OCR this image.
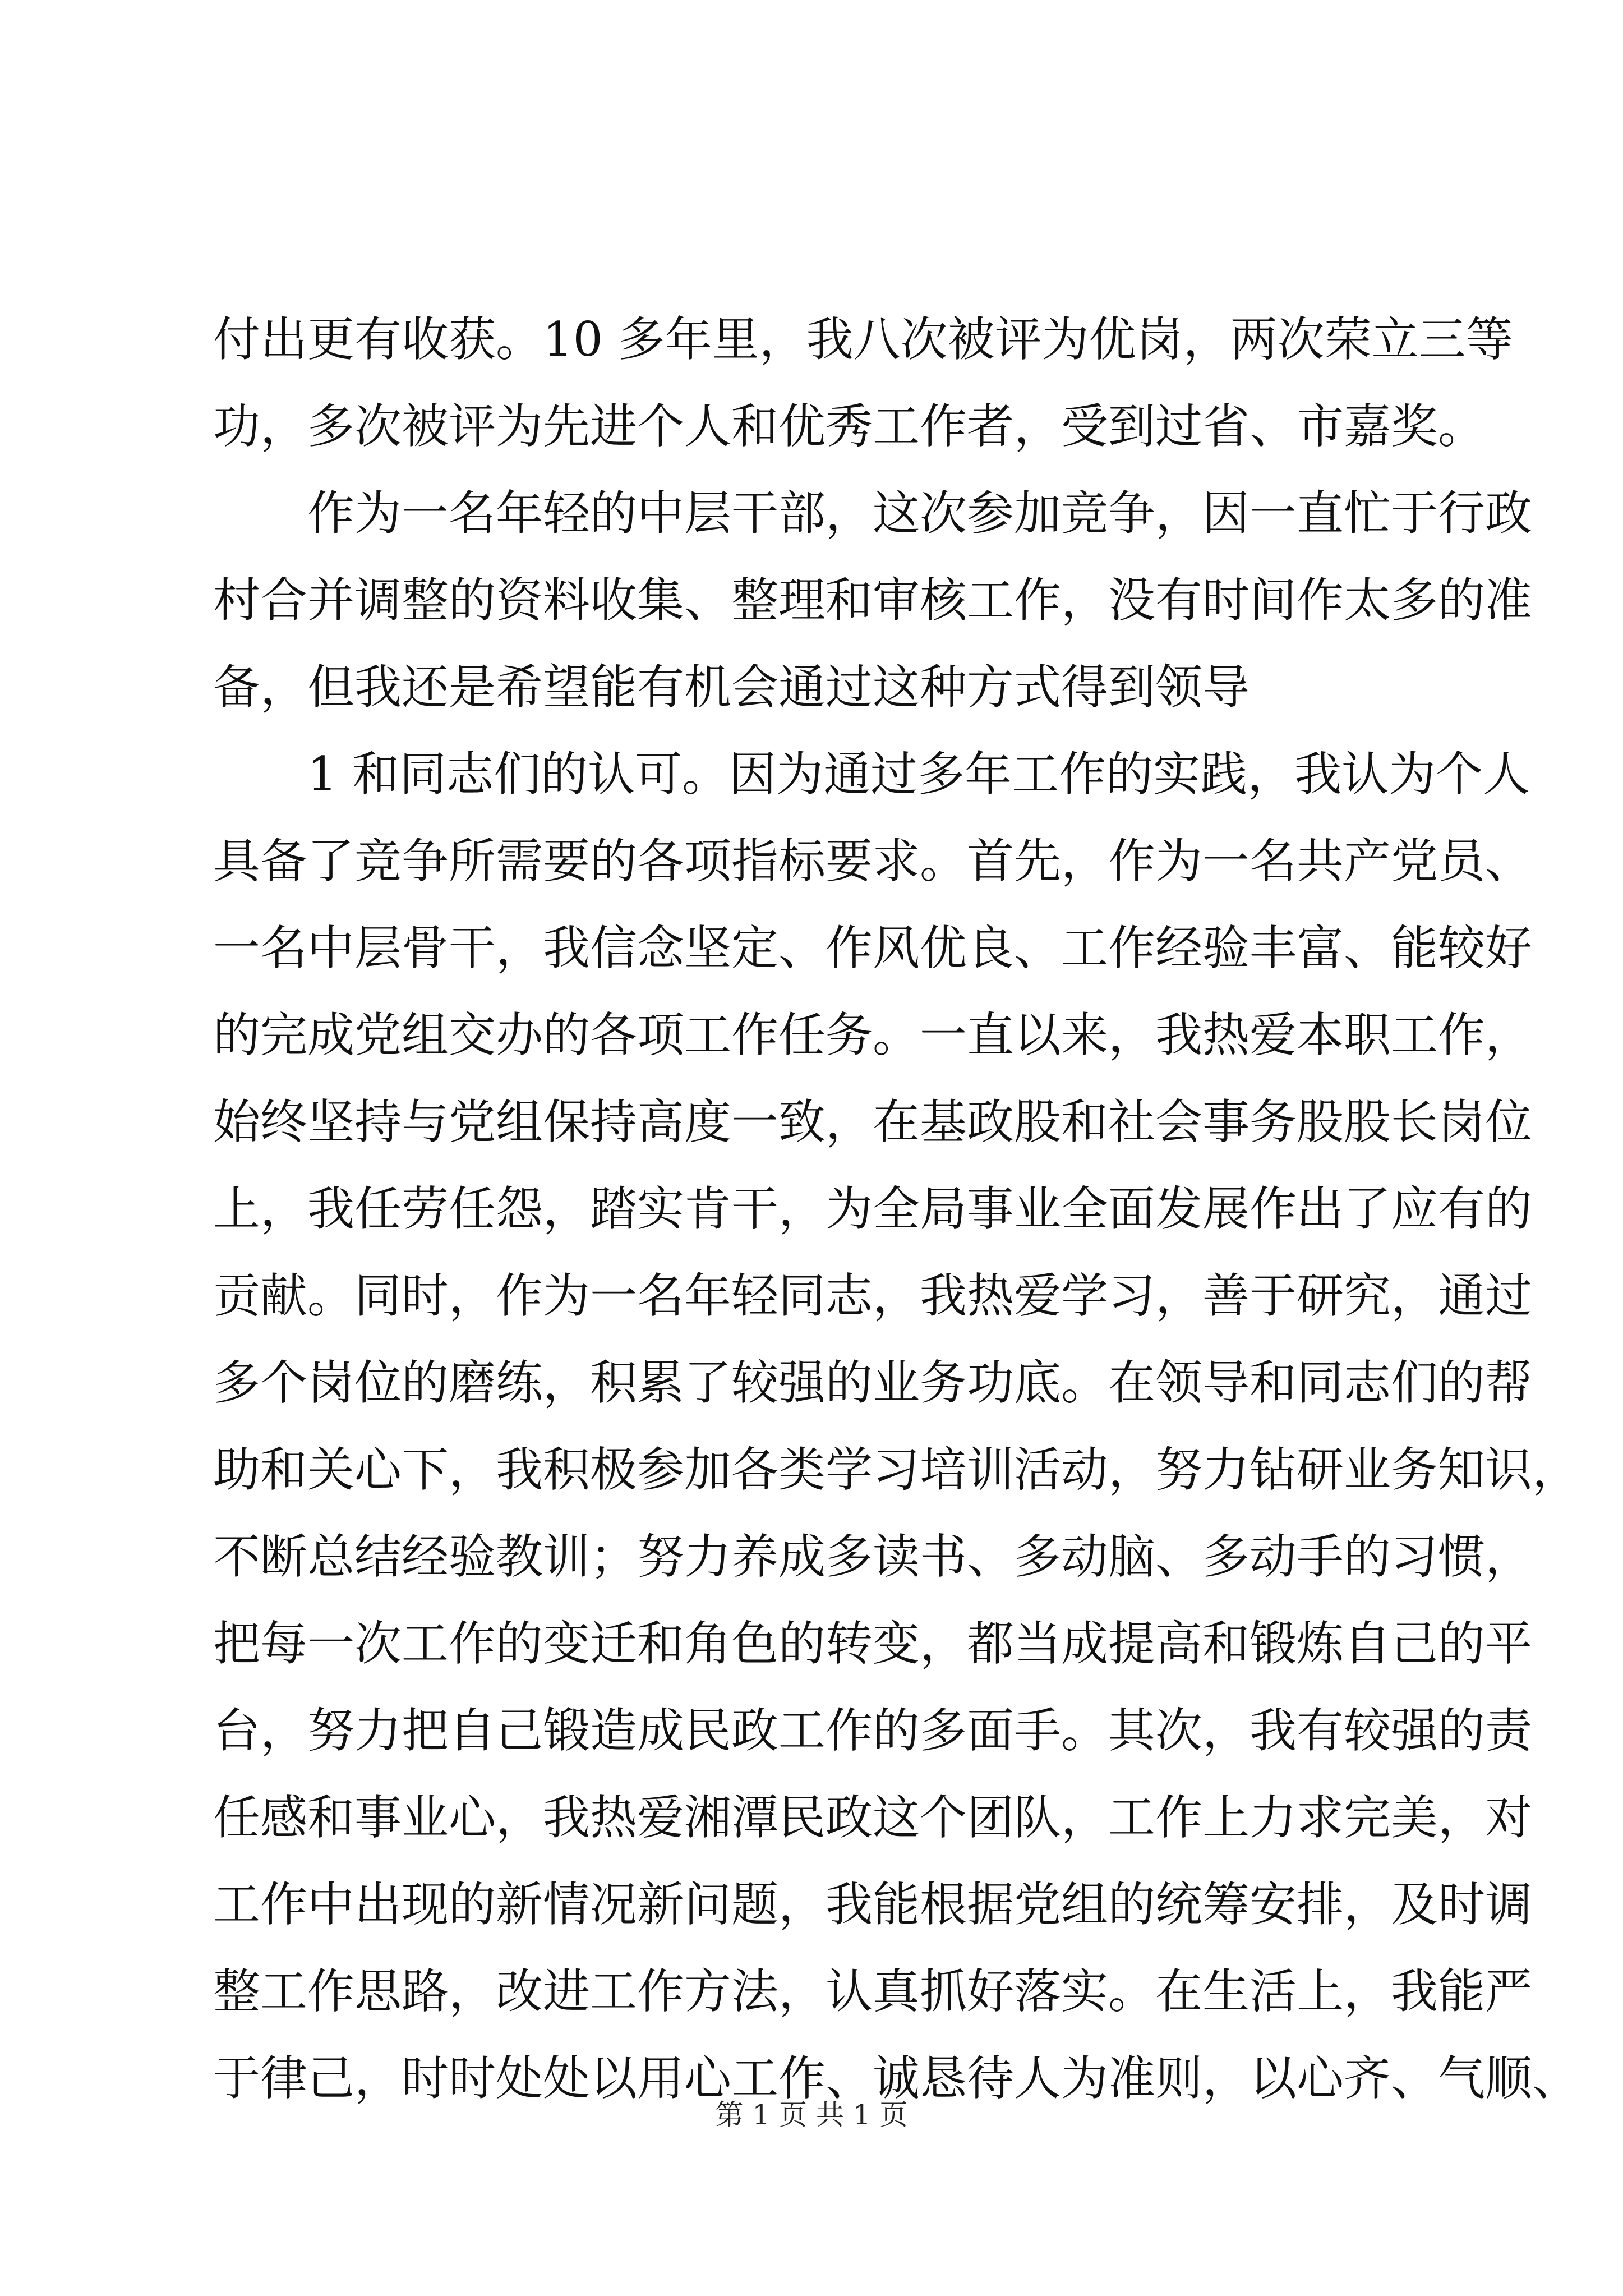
付出更有收获。10 多年里，我八次被评为优岗，两次荣立三等
功，多次被评为先进个人和优秀工作者，受到过省、市嘉奖。
作为一名年轻的中层干部，这次参加竞争，因一直忙于行政
村合并调整的资料收集、整理和审核工作，没有时间作太多的准
备，但我还是希望能有机会通过这种方式得到领导
1 和同志们的认可。因为通过多年工作的实践，我认为个人
具备了竞争所需要的各项指标要求。首先，作为一名共产党员、
一名中层骨干，我信念坚定、作风优良、工作经验丰富、能较好
的完成党组交办的各项工作任务。一直以来，我热爱本职工作，
始终坚持与党组保持高度一致，在基政股和社会事务股股长岗位
上，我任劳任怨，踏实肯干，为全局事业全面发展作出了应有的
贡献。同时，作为一名年轻同志，我热爱学习，善于研究，通过
多个岗位的磨练，积累了较强的业务功底。在领导和同志们的帮
助和关心下，我积极参加各类学习培训活动，努力钻研业务知识，
不断总结经验教训；努力养成多读书、多动脑、多动手的习惯，
把每一次工作的变迁和角色的转变，都当成提高和锻炼自己的平
台，努力把自己锻造成民政工作的多面手。其次，我有较强的责
任感和事业心，我热爱湘潭民政这个团队，工作上力求完美，对
工作中出现的新情况新问题，我能根据党组的统筹安排，及时调
整工作思路，改进工作方法，认真抓好落实。在生活上，我能严
于律己，时时处处以用心工作、诚恳待人为准则，以心齐、气顺、
第 1 页 共 1 页
